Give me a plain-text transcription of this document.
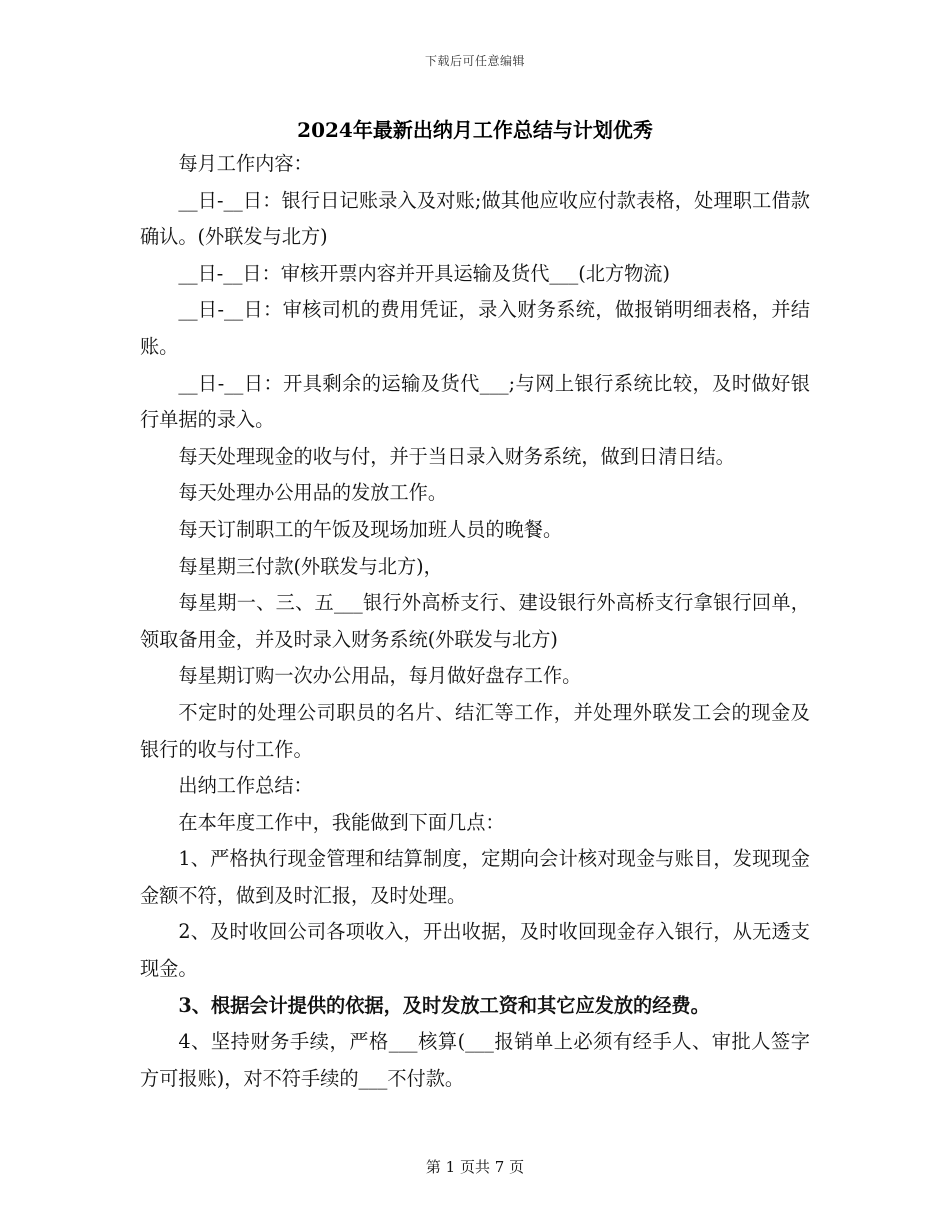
下载后可任意编辑
2024年最新出纳月工作总结与计划优秀

每月工作内容：

__日-__日：银行日记账录入及对账;做其他应收应付款表格，处理职工借款确认。(外联发与北方)

__日-__日：审核开票内容并开具运输及货代___(北方物流)

__日-__日：审核司机的费用凭证，录入财务系统，做报销明细表格，并结账。

__日-__日：开具剩余的运输及货代___;与网上银行系统比较，及时做好银行单据的录入。

每天处理现金的收与付，并于当日录入财务系统，做到日清日结。

每天处理办公用品的发放工作。

每天订制职工的午饭及现场加班人员的晚餐。

每星期三付款(外联发与北方)，

每星期一、三、五___银行外高桥支行、建设银行外高桥支行拿银行回单，领取备用金，并及时录入财务系统(外联发与北方)

每星期订购一次办公用品，每月做好盘存工作。

不定时的处理公司职员的名片、结汇等工作，并处理外联发工会的现金及银行的收与付工作。

出纳工作总结：

在本年度工作中，我能做到下面几点：

1、严格执行现金管理和结算制度，定期向会计核对现金与账目，发现现金金额不符，做到及时汇报，及时处理。

2、及时收回公司各项收入，开出收据，及时收回现金存入银行，从无透支现金。

3、根据会计提供的依据，及时发放工资和其它应发放的经费。

4、坚持财务手续，严格___核算(___报销单上必须有经手人、审批人签字方可报账)，对不符手续的___不付款。

第 1 页共 7 页
